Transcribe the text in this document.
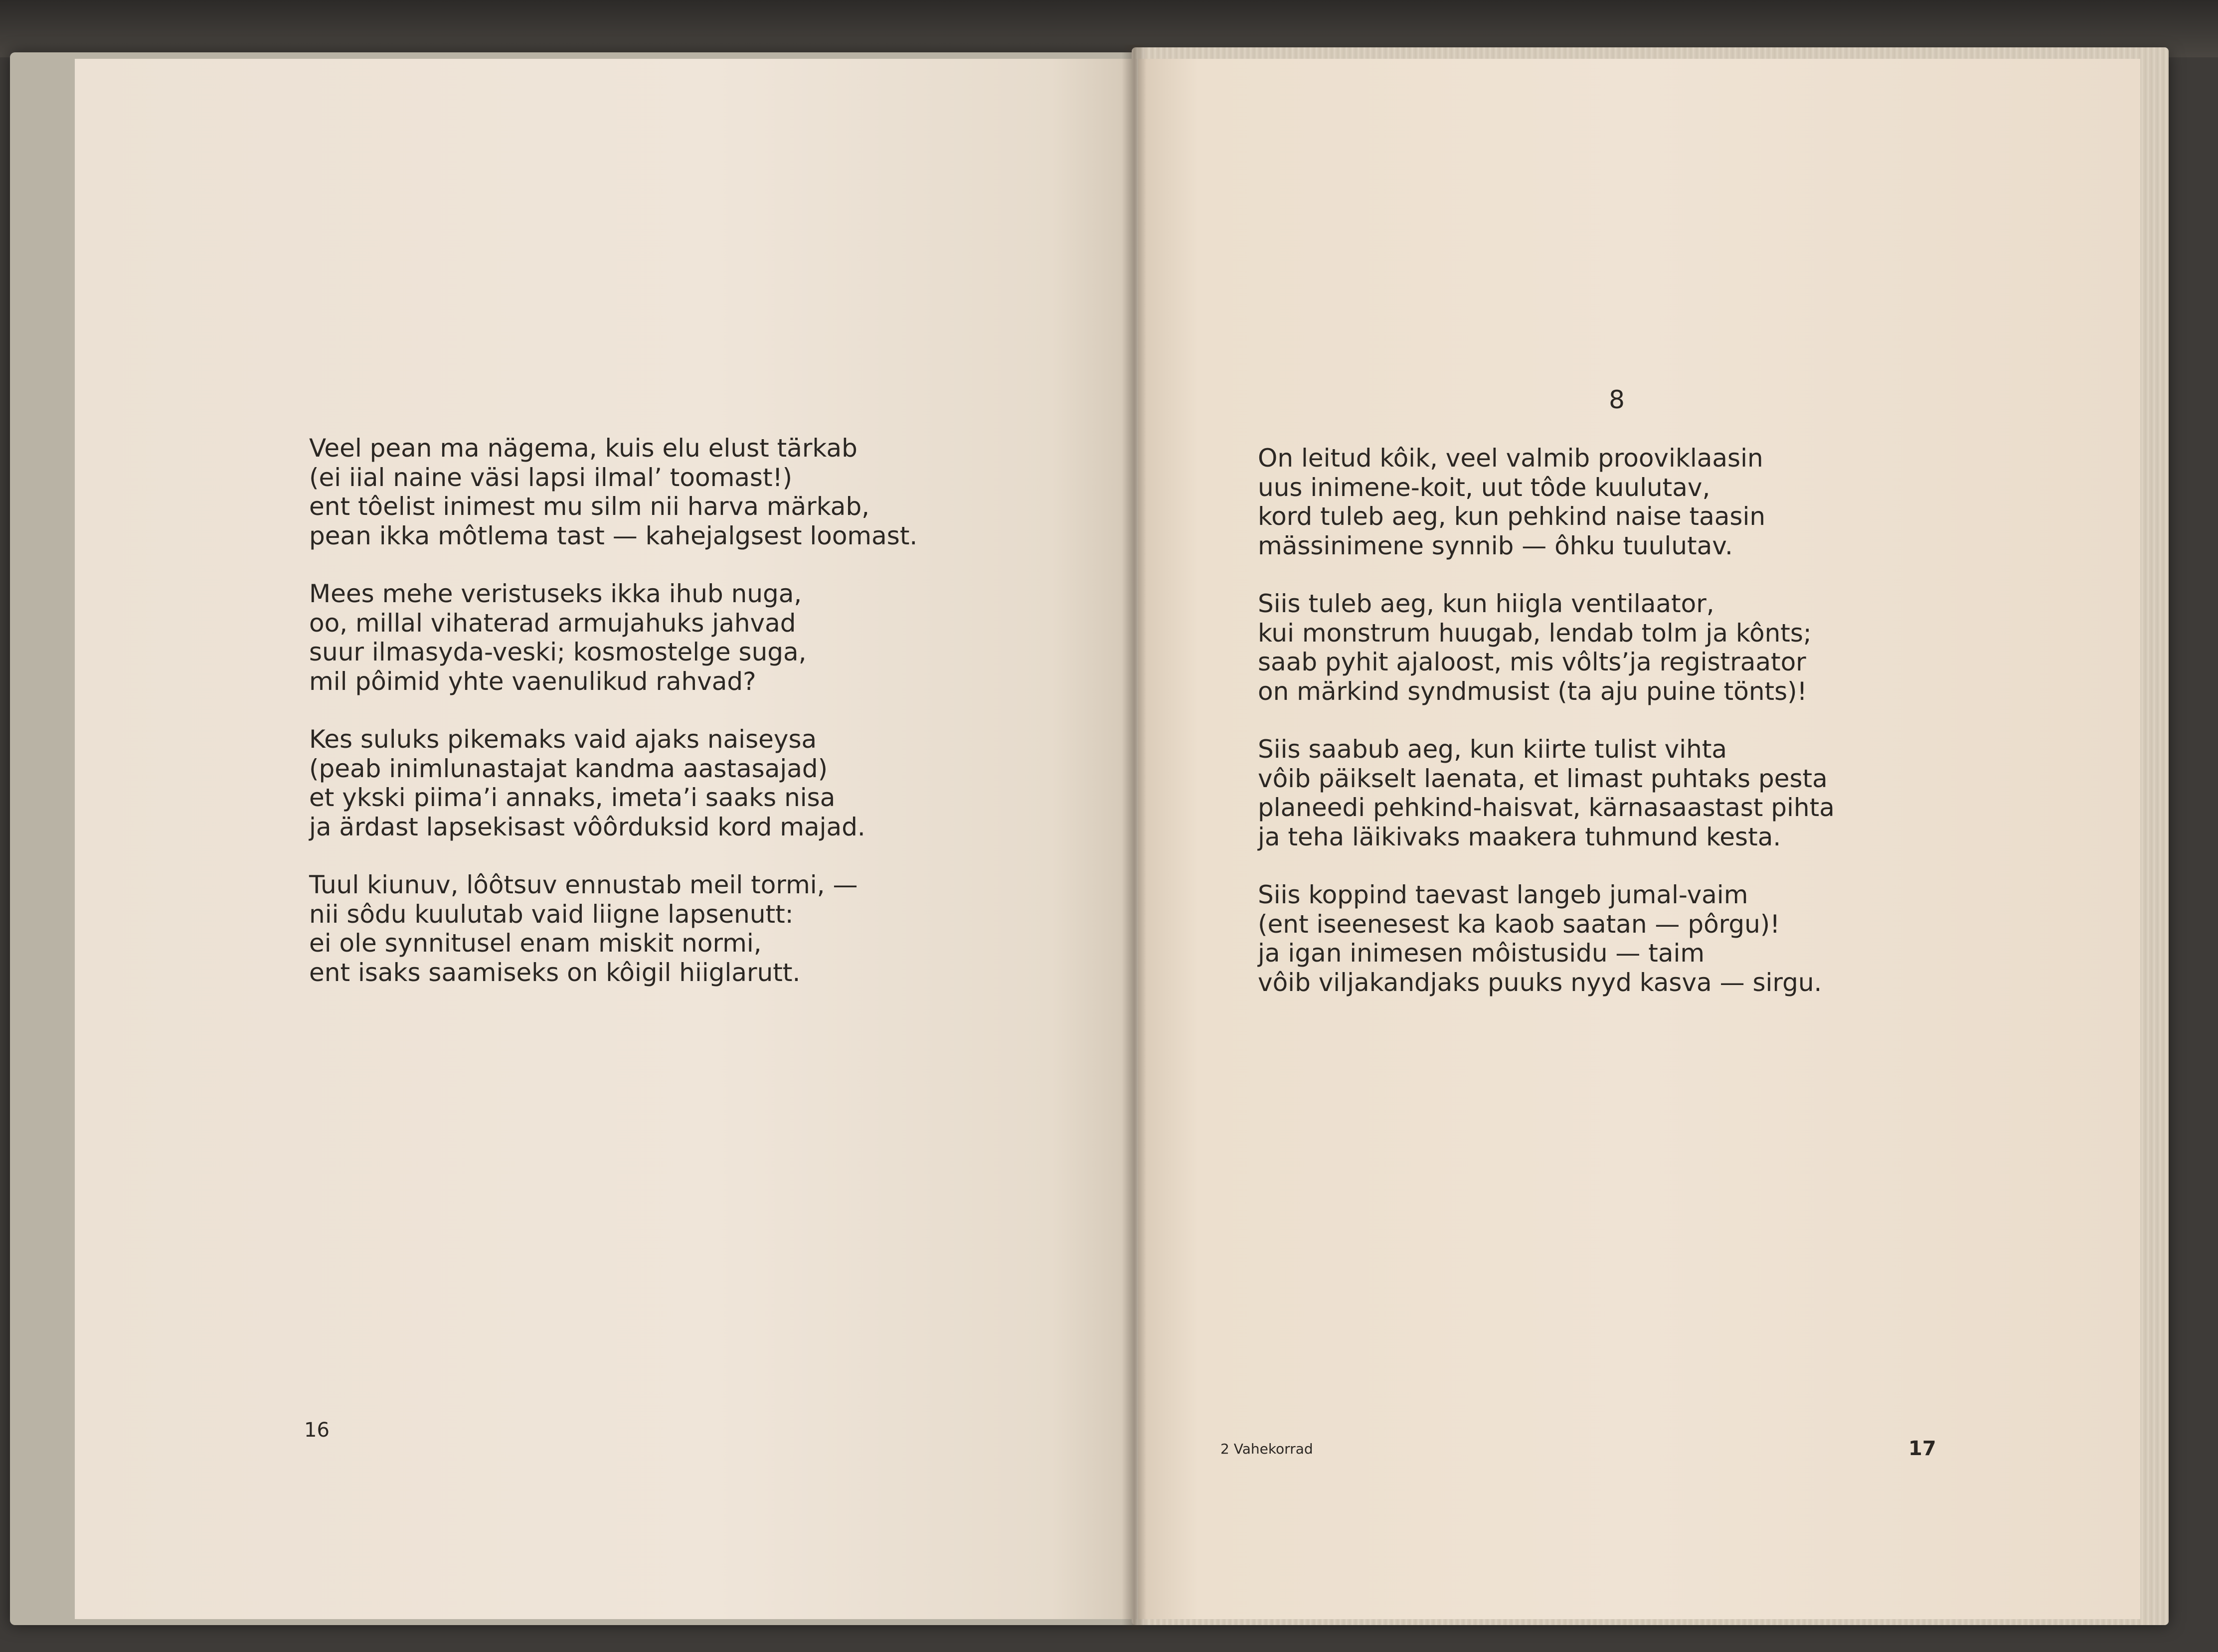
Veel pean ma nägema, kuis elu elust tärkab
(ei iial naine väsi lapsi ilmal’ toomast!)
ent tôelist inimest mu silm nii harva märkab,
pean ikka môtlema tast — kahejalgsest loomast.
Mees mehe veristuseks ikka ihub nuga,
oo, millal vihaterad armujahuks jahvad
suur ilmasyda-veski; kosmostelge suga,
mil pôimid yhte vaenulikud rahvad?
Kes suluks pikemaks vaid ajaks naiseysa
(peab inimlunastajat kandma aastasajad)
et ykski piima’i annaks, imeta’i saaks nisa
ja ärdast lapsekisast vôôrduksid kord majad.
Tuul kiunuv, lôôtsuv ennustab meil tormi, —
nii sôdu kuulutab vaid liigne lapsenutt:
ei ole synnitusel enam miskit normi,
ent isaks saamiseks on kôigil hiiglarutt.
16
8
On leitud kôik, veel valmib prooviklaasin
uus inimene-koit, uut tôde kuulutav,
kord tuleb aeg, kun pehkind naise taasin
mässinimene synnib — ôhku tuulutav.
Siis tuleb aeg, kun hiigla ventilaator,
kui monstrum huugab, lendab tolm ja kônts;
saab pyhit ajaloost, mis vôlts’ja registraator
on märkind syndmusist (ta aju puine tönts)!
Siis saabub aeg, kun kiirte tulist vihta
vôib päikselt laenata, et limast puhtaks pesta
planeedi pehkind-haisvat, kärnasaastast pihta
ja teha läikivaks maakera tuhmund kesta.
Siis koppind taevast langeb jumal-vaim
(ent iseenesest ka kaob saatan — pôrgu)!
ja igan inimesen môistusidu — taim
vôib viljakandjaks puuks nyyd kasva — sirgu.
2 Vahekorrad	17
